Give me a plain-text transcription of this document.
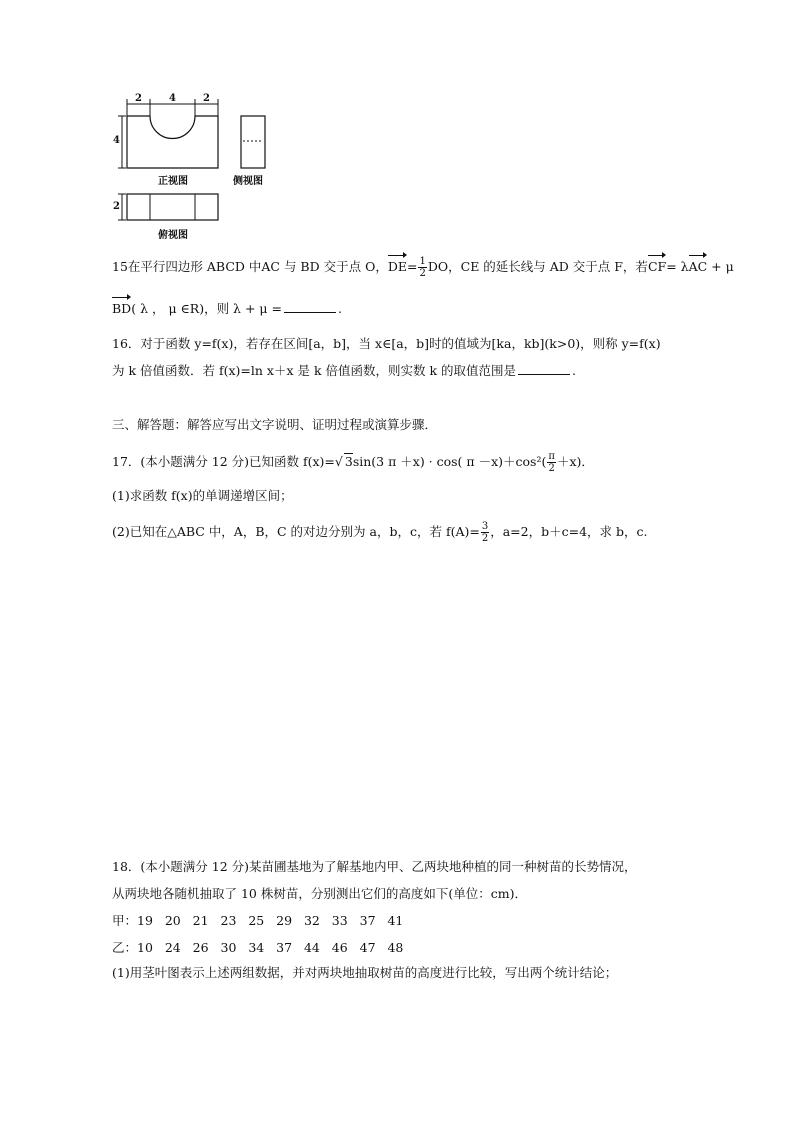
2	4	2
4
2
正视图	侧视图
俯视图
15在平行四边形 ABCD 中AC 与 BD 交于点 O，$DE= \frac{1}{2}$ DO，CE 的延长线与 AD 交于点 F，若CF= λAC + μ
BD( λ ， μ ∈R)，则 λ + μ =	.
16．对于函数 y=f(x)，若存在区间[a，b]，当 x∈[a，b]时的值域为[ka，kb](k>0)，则称 y=f(x)
为 k 倍值函数．若 f(x)=ln x＋x 是 k 倍值函数，则实数 k 的取值范围是	.
三、解答题：解答应写出文字说明、证明过程或演算步骤．
17．(本小题满分 12 分)已知函数 f(x)=√ 3sin(3 π ＋x) · cos( $\pi -x)+\cos^2( \frac{\pi}{2} +x)$．
(1)求函数 f(x)的单调递增区间；
(2)已知在△ABC 中，A，B，C 的对边分别为 a，b，c，若 $f(A)= \frac{3}{2}$ ，a=2，b＋c=4，求 b，c.
18．(本小题满分 12 分)某苗圃基地为了解基地内甲、乙两块地种植的同一种树苗的长势情况，
从两块地各随机抽取了 10 株树苗，分别测出它们的高度如下(单位：cm)．
甲：19   20   21   23   25   29   32   33   37   41
乙：10   24   26   30   34   37   44   46   47   48
(1)用茎叶图表示上述两组数据，并对两块地抽取树苗的高度进行比较，写出两个统计结论；
